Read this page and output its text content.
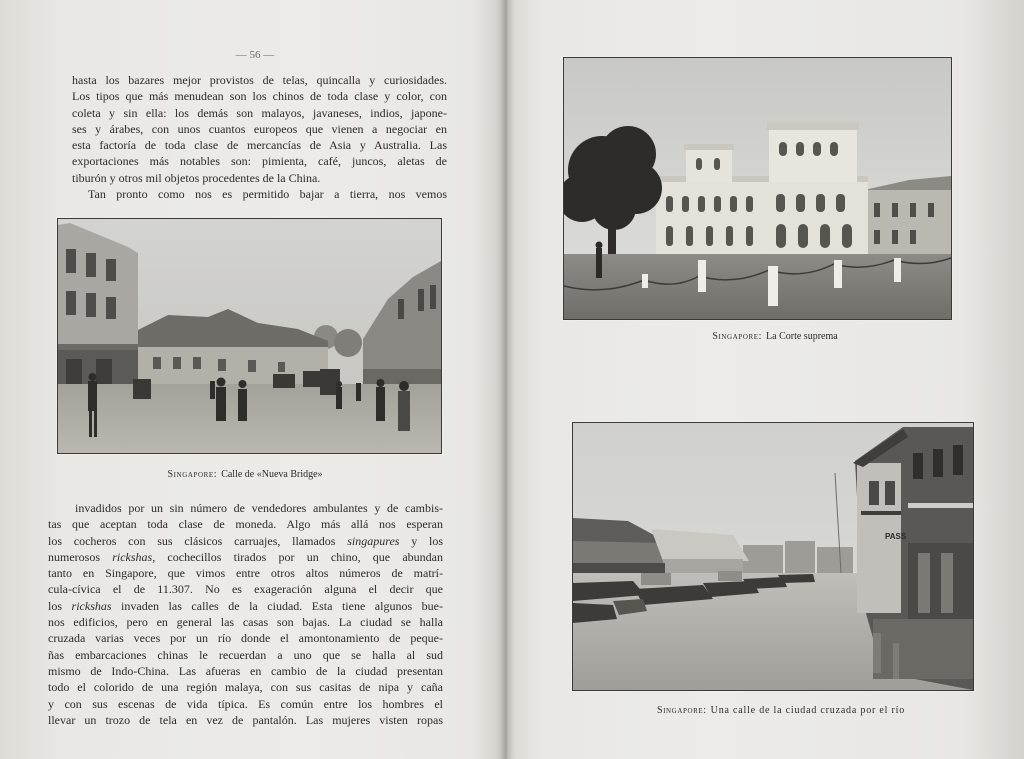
— 56 —
hasta los bazares mejor provistos de telas, quincalla y curiosidades.
Los tipos que más menudean son los chinos de toda clase y color, con
coleta y sin ella: los demás son malayos, javaneses, indios, japone-
ses y árabes, con unos cuantos europeos que vienen a negociar en
esta factoría de toda clase de mercancías de Asia y Australia. Las
exportaciones más notables son: pimienta, café, juncos, aletas de
tiburón y otros mil objetos procedentes de la China.
Tan pronto como nos es permitido bajar a tierra, nos vemos
Singapore: Calle de «Nueva Bridge»
invadidos por un sin número de vendedores ambulantes y de cambis-
tas que aceptan toda clase de moneda. Algo más allá nos esperan
los cocheros con sus clásicos carruajes, llamados singapures y los
numerosos rickshas, cochecillos tirados por un chino, que abundan
tanto en Singapore, que vimos entre otros altos números de matrí-
cula-cívica el de 11.307. No es exageración alguna el decir que
los rickshas invaden las calles de la ciudad. Esta tiene algunos bue-
nos edificios, pero en general las casas son bajas. La ciudad se halla
cruzada varias veces por un río donde el amontonamiento de peque-
ñas embarcaciones chinas le recuerdan a uno que se halla al sud
mismo de Indo-China. Las afueras en cambio de la ciudad presentan
todo el colorido de una región malaya, con sus casitas de nipa y caña
y con sus escenas de vida típica. Es común entre los hombres el
llevar un trozo de tela en vez de pantalón. Las mujeres visten ropas
Singapore: La Corte suprema
PASS
Singapore: Una calle de la ciudad cruzada por el río
